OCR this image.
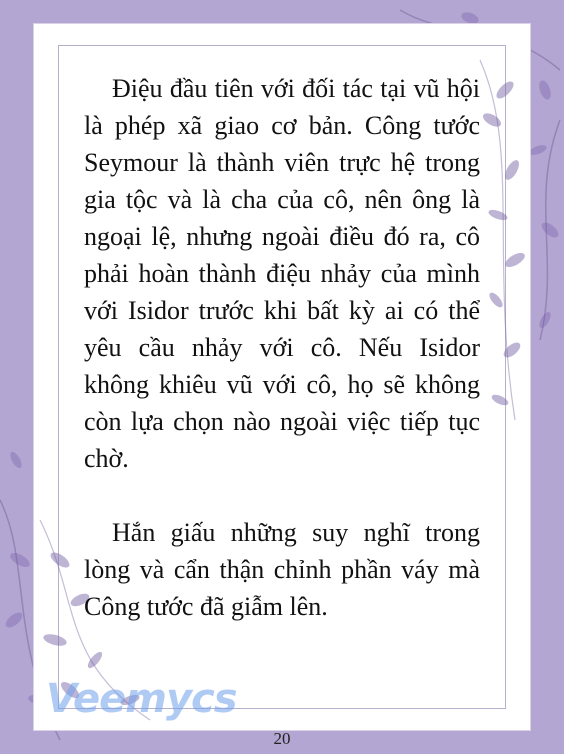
Điệu đầu tiên với đối tác tại vũ hội là phép xã giao cơ bản. Công tước Seymour là thành viên trực hệ trong gia tộc và là cha của cô, nên ông là ngoại lệ, nhưng ngoài điều đó ra, cô phải hoàn thành điệu nhảy của mình với Isidor trước khi bất kỳ ai có thể yêu cầu nhảy với cô. Nếu Isidor không khiêu vũ với cô, họ sẽ không còn lựa chọn nào ngoài việc tiếp tục chờ.

Hắn giấu những suy nghĩ trong lòng và cẩn thận chỉnh phần váy mà Công tước đã giẫm lên.

Veemycs
20
